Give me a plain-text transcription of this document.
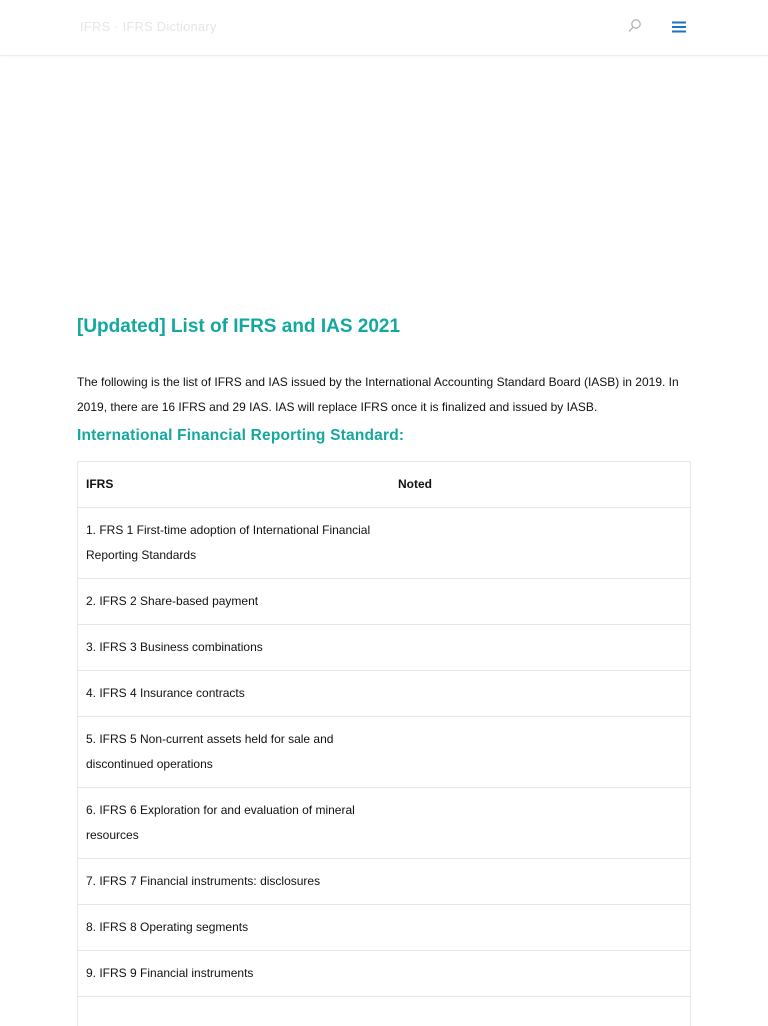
IFRS · IFRS Dictionary
[Updated] List of IFRS and IAS 2021

The following is the list of IFRS and IAS issued by the International Accounting Standard Board (IASB) in 2019. In 2019, there are 16 IFRS and 29 IAS. IAS will replace IFRS once it is finalized and issued by IASB.

International Financial Reporting Standard:
IFRS	Noted
1. FRS 1 First-time adoption of International Financial Reporting Standards	
2. IFRS 2 Share-based payment	
3. IFRS 3 Business combinations	
4. IFRS 4 Insurance contracts	
5. IFRS 5 Non-current assets held for sale and discontinued operations	
6. IFRS 6 Exploration for and evaluation of mineral resources	
7. IFRS 7 Financial instruments: disclosures	
8. IFRS 8 Operating segments	
9. IFRS 9 Financial instruments	
